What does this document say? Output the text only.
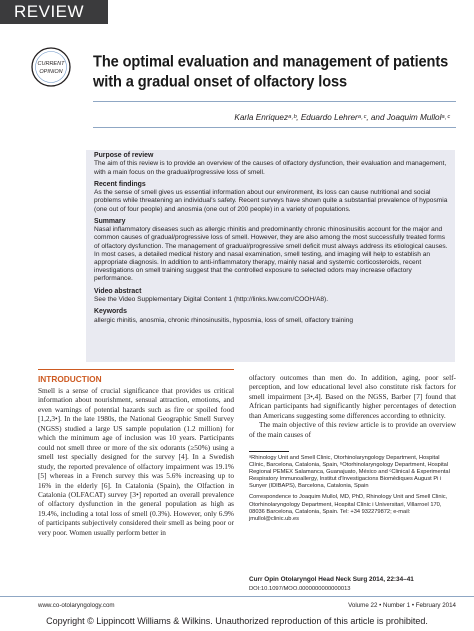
REVIEW
CURRENT
OPINION
The optimal evaluation and management of patients with a gradual onset of olfactory loss
Karla Enriquezᵃ˒ᵇ, Eduardo Lehrerᵃ˒ᶜ, and Joaquim Mullolᵃ˒ᶜ
Purpose of review

The aim of this review is to provide an overview of the causes of olfactory dysfunction, their evaluation and management, with a main focus on the gradual/progressive loss of smell.

Recent findings

As the sense of smell gives us essential information about our environment, its loss can cause nutritional and social problems while threatening an individual's safety. Recent surveys have shown quite a substantial prevalence of hyposmia (one out of four people) and anosmia (one out of 200 people) in a variety of populations.

Summary

Nasal inflammatory diseases such as allergic rhinitis and predominantly chronic rhinosinusitis account for the major and common causes of gradual/progressive loss of smell. However, they are also among the most successfully treated forms of olfactory dysfunction. The management of gradual/progressive smell deficit must always address its etiological causes. In most cases, a detailed medical history and nasal examination, smell testing, and imaging will help to establish an appropriate diagnosis. In addition to anti-inflammatory therapy, mainly nasal and systemic corticosteroids, recent investigations on smell training suggest that the controlled exposure to selected odors may increase olfactory performance.

Video abstract

See the Video Supplementary Digital Content 1 (http://links.lww.com/COOH/A8).

Keywords

allergic rhinitis, anosmia, chronic rhinosinusitis, hyposmia, loss of smell, olfactory training

INTRODUCTION
Smell is a sense of crucial significance that provides us critical information about nourishment, sensual attraction, emotions, and even warnings of potential hazards such as fire or spoiled food [1,2,3•]. In the late 1980s, the National Geographic Smell Survey (NGSS) studied a large US sample population (1.2 million) for which the minimum age of inclusion was 10 years. Participants could not smell three or more of the six odorants (≥50%) using a smell test specially designed for the survey [4]. In a Swedish study, the reported prevalence of olfactory impairment was 19.1% [5] whereas in a French survey this was 5.6% increasing up to 16% in the elderly [6]. In Catalonia (Spain), the Olfaction in Catalonia (OLFACAT) survey [3•] reported an overall prevalence of olfactory dysfunction in the general population as high as 19.4%, including a total loss of smell (0.3%). However, only 6.9% of participants subjectively considered their smell as being poor or very poor. Women usually perform better in
olfactory outcomes than men do. In addition, aging, poor self-perception, and low educational level also constitute risk factors for smell impairment [3•,4]. Based on the NGSS, Barber [7] found that African participants had significantly higher percentages of detection than Americans suggesting some differences according to ethnicity.
The main objective of this review article is to provide an overview of the main causes of

ᵃRhinology Unit and Smell Clinic, Otorhinolaryngology Department, Hospital Clínic, Barcelona, Catalonia, Spain, ᵇOtorhinolaryngology Department, Hospital Regional PEMEX Salamanca, Guanajuato, México and ᶜClinical & Experimental Respiratory Immunoallergy, Institut d'Investigacions Biomèdiques August Pi i Sunyer (IDIBAPS), Barcelona, Catalonia, Spain

Correspondence to Joaquim Mullol, MD, PhD, Rhinology Unit and Smell Clinic, Otorhinolaryngology Department, Hospital Clínic i Universitari, Villarroel 170, 08036 Barcelona, Catalonia, Spain. Tel: +34 932279872; e-mail: jmullol@clinic.ub.es

Curr Opin Otolaryngol Head Neck Surg 2014, 22:34–41
DOI:10.1097/MOO.0000000000000013
www.co-otolaryngology.com	Volume 22 • Number 1 • February 2014
Copyright © Lippincott Williams & Wilkins. Unauthorized reproduction of this article is prohibited.
